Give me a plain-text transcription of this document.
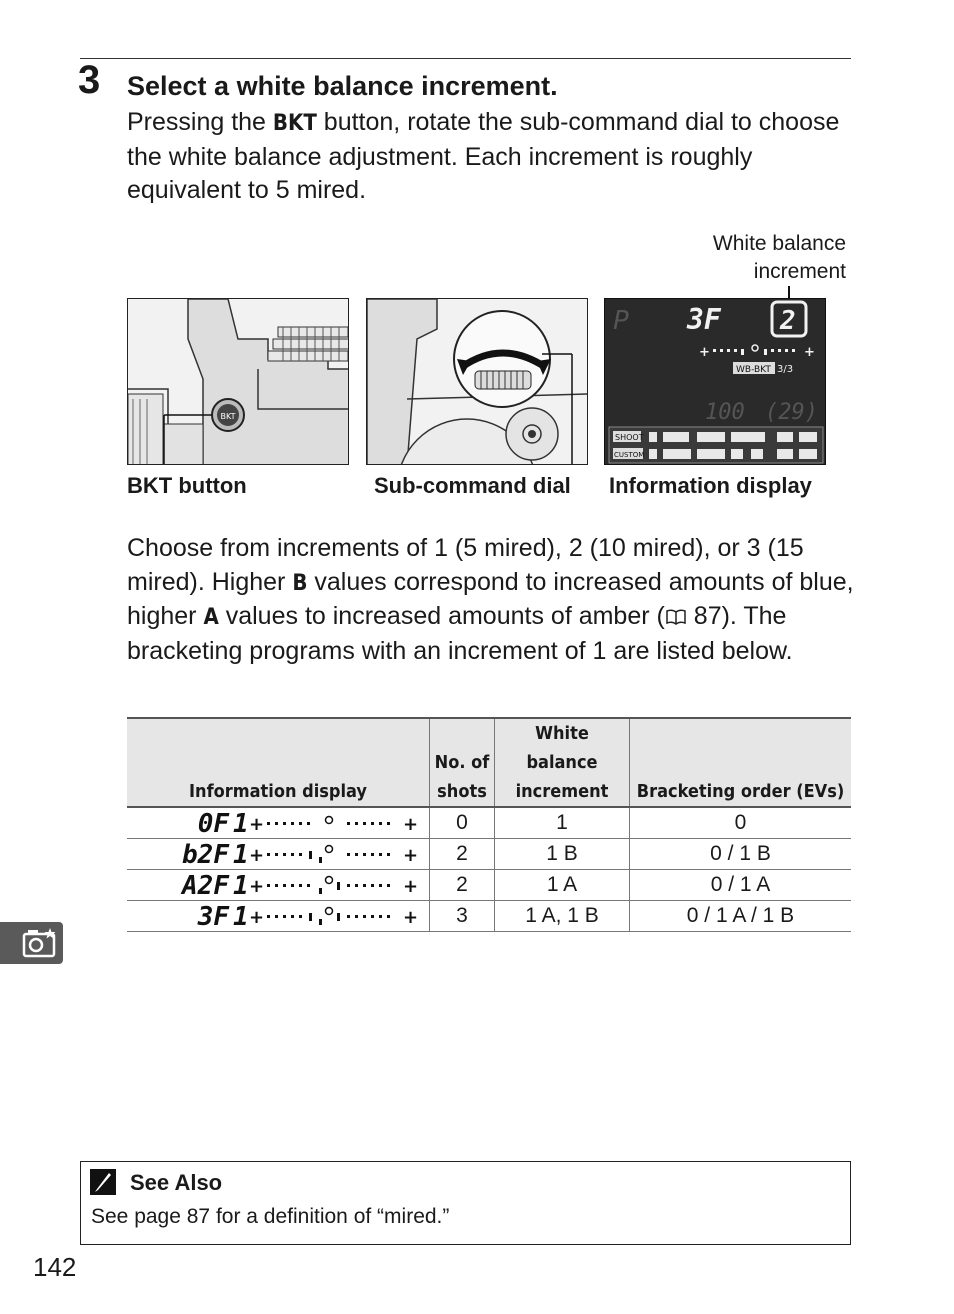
3 Select a white balance increment.
Pressing the BKT button, rotate the sub-command dial to choose the white balance adjustment. Each increment is roughly equivalent to 5 mired.
White balance increment
BKT
P 3F 2
+	+
WB-BKT 3/3
100 (29)
SHOOT
CUSTOM
BKT button	Sub-command dial Information display
Choose from increments of 1 (5 mired), 2 (10 mired), or 3 (15 mired). Higher B values correspond to increased amounts of blue, higher A values to increased amounts of amber ( 87). The bracketing programs with an increment of 1 are listed below.
Information display	No. of shots	White balance increment	Bracketing order (EVs)

0F 1 + +	0	1	0

b2F 1 + +	2	1 B	0 / 1 B

A2F 1 + +	2	1 A	0 / 1 A

3F 1 + +	3	1 A, 1 B	0 / 1 A / 1 B
See Also
See page 87 for a definition of “mired.”
142
